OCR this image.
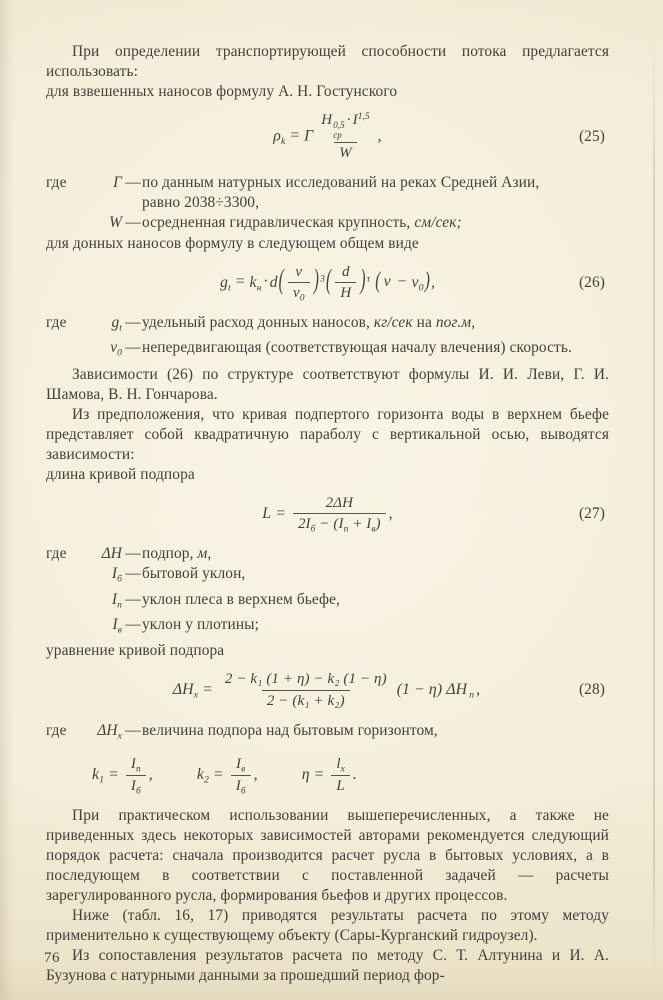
При определении транспортирующей способности потока предлагается использовать:

для взвешенных наносов формулу А. Н. Гостунского

$\rho_k = \Gamma$ H 0,5
ср
· I$^{1,5}$
W ,	(25)
где	Γ — по данным натурных исследований на реках Средней Азии,
равно 2038÷3300,
W — осредненная гидравлическая крупность, см/сек;

для донных наносов формулу в следующем общем виде

$g_t = k_н \cdot d( \frac{v}{v_0} )^3( \frac{d}{H} )^\tau$ ( $v - v_0$),	(26)
где	$g_t$ — удельный расход донных наносов, кг/сек на пог.м,
$v_0$ — непередвигающая (соответствующая началу влечения) скорость.

Зависимости (26) по структуре соответствуют формулы И. И. Леви, Г. И. Шамова, В. Н. Гончарова.

Из предположения, что кривая подпертого горизонта воды в верхнем бьефе представляет собой квадратичную параболу с вертикальной осью, выводятся зависимости:

длина кривой подпора

$L = \frac{2\Delta H}{2I_б - (I_п + I_в)}$ ,	(27)
где	ΔH — подпор, м,
$I_б$ — бытовой уклон,
$I_п$ — уклон плеса в верхнем бьефе,
$I_в$ — уклон у плотины;

уравнение кривой подпора

$\Delta H_x = \frac{\text{2 − k₁ (1 + η) − k₂ (1 − η)}}{\text{2 − (k₁ + k₂)}} (1 - \eta)$ ΔH $_п$ ,	(28)
где	$\Delta H_x$ — величина подпора над бытовым горизонтом,
$k_1 = \frac{I_п}{I_б}$ ,	$k_2 = \frac{I_в}{I_б}$ ,	$\eta = \frac{l_x}{L}$ .

При практическом использовании вышеперечисленных, а также не приведенных здесь некоторых зависимостей авторами рекомендуется следующий порядок расчета: сначала производится расчет русла в бытовых условиях, а в последующем в соответствии с поставленной задачей — расчеты зарегулированного русла, формирования бьефов и других процессов.

Ниже (табл. 16, 17) приводятся результаты расчета по этому методу применительно к существующему объекту (Сары-Курганский гидроузел).

Из сопоставления результатов расчета по методу С. Т. Алтунина и И. А. Бузунова с натурными данными за прошедший период фор-

76
